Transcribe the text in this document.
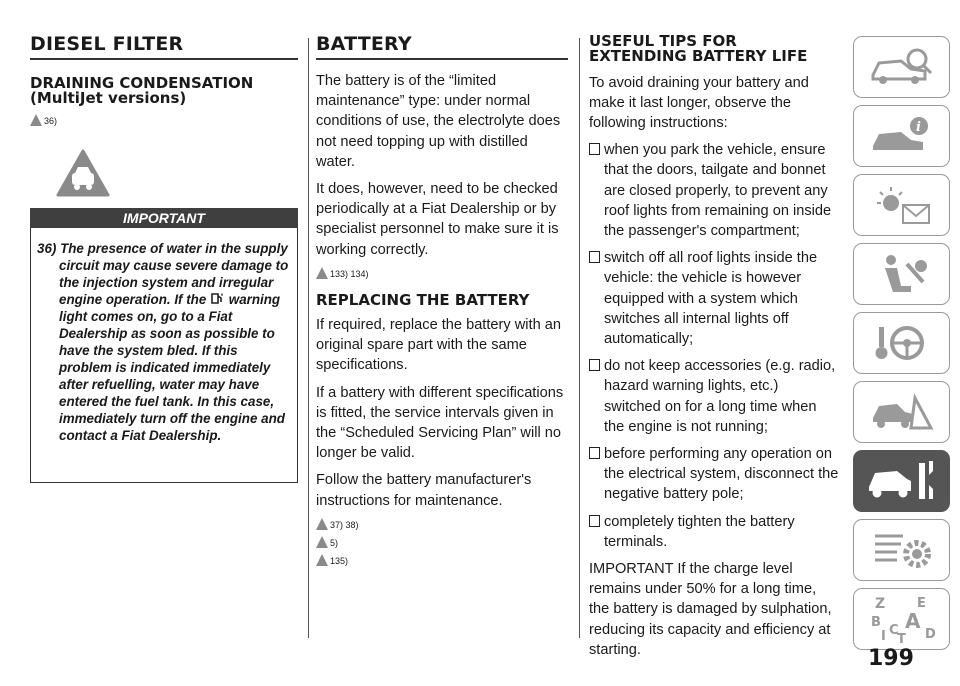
DIESEL FILTER
DRAINING CONDENSATION (MultiJet versions)
36)
IMPORTANT

36) The presence of water in the supply circuit may cause severe damage to the injection system and irregular engine operation. If the warning light comes on, go to a Fiat Dealership as soon as possible to have the system bled. If this problem is indicated immediately after refuelling, water may have entered the fuel tank. In this case, immediately turn off the engine and contact a Fiat Dealership.

BATTERY

The battery is of the “limited maintenance” type: under normal conditions of use, the electrolyte does not need topping up with distilled water.

It does, however, need to be checked periodically at a Fiat Dealership or by specialist personnel to make sure it is working correctly.

133) 134)
REPLACING THE BATTERY

If required, replace the battery with an original spare part with the same specifications.

If a battery with different specifications is fitted, the service intervals given in the “Scheduled Servicing Plan” will no longer be valid.

Follow the battery manufacturer's instructions for maintenance.

37) 38)
5)
135)
USEFUL TIPS FOR EXTENDING BATTERY LIFE

To avoid draining your battery and make it last longer, observe the following instructions:

when you park the vehicle, ensure that the doors, tailgate and bonnet are closed properly, to prevent any roof lights from remaining on inside the passenger's compartment;

switch off all roof lights inside the vehicle: the vehicle is however equipped with a system which switches all internal lights off automatically;

do not keep accessories (e.g. radio, hazard warning lights, etc.) switched on for a long time when the engine is not running;

before performing any operation on the electrical system, disconnect the negative battery pole;

completely tighten the battery terminals.

IMPORTANT If the charge level remains under 50% for a long time, the battery is damaged by sulphation, reducing its capacity and efficiency at starting.

i
Z E
B A
I C
T D
199
